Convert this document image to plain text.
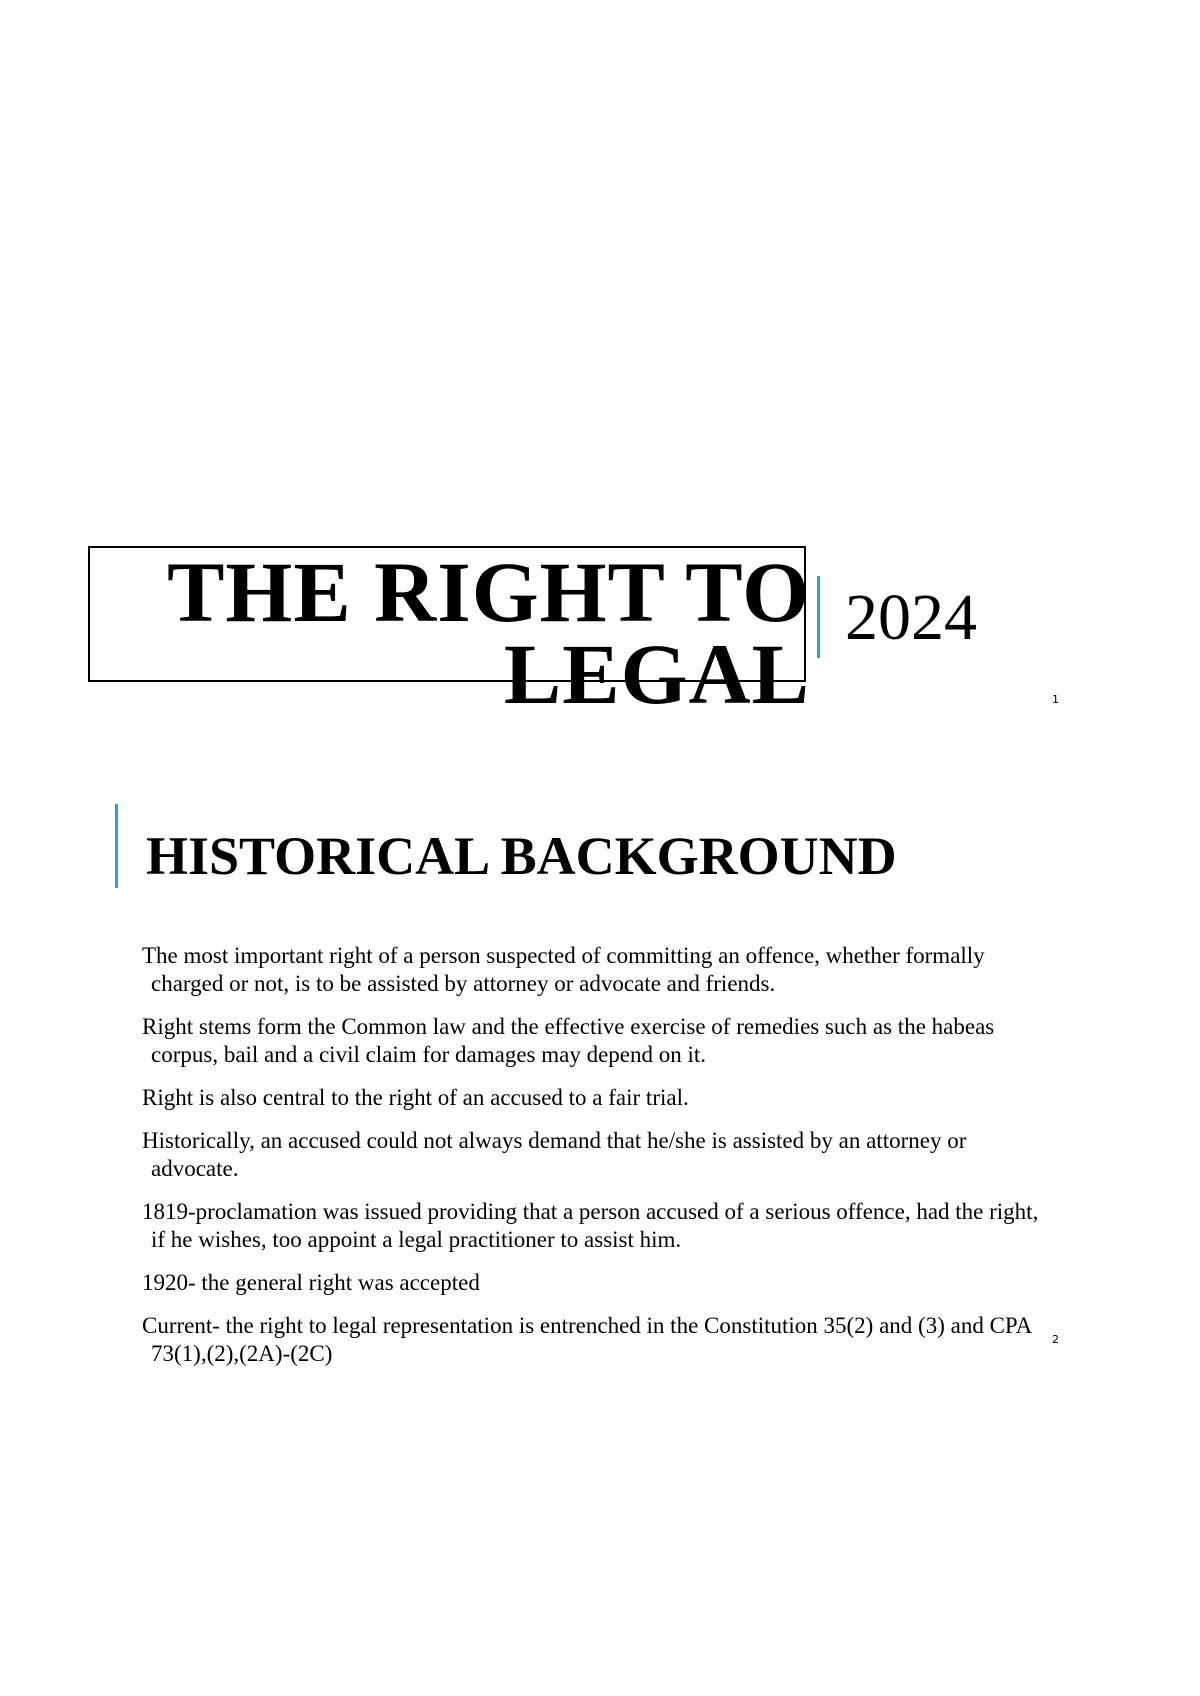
THE RIGHT TO LEGAL
2024
1
HISTORICAL BACKGROUND

The most important right of a person suspected of committing an offence, whether formally charged or not, is to be assisted by attorney or advocate and friends.

Right stems form the Common law and the effective exercise of remedies such as the habeas corpus, bail and a civil claim for damages may depend on it.

Right is also central to the right of an accused to a fair trial.

Historically, an accused could not always demand that he/she is assisted by an attorney or advocate.

1819-proclamation was issued providing that a person accused of a serious offence, had the right, if he wishes, too appoint a legal practitioner to assist him.

1920- the general right was accepted

Current- the right to legal representation is entrenched in the Constitution 35(2) and (3) and CPA 73(1),(2),(2A)-(2C)

2
